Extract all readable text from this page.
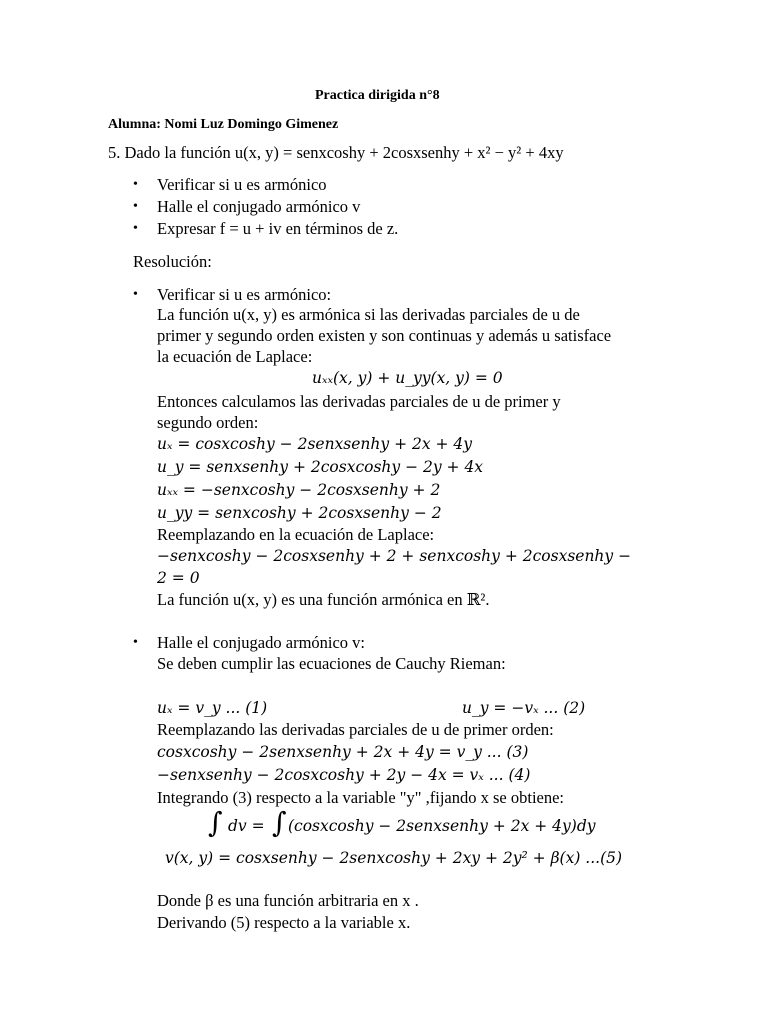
Practica dirigida n°8
Alumna: Nomi Luz Domingo Gimenez
5. Dado la función u(x, y) = senxcoshy + 2cosxsenhy + x² − y² + 4xy
• Verificar si u es armónico
• Halle el conjugado armónico v
• Expresar f = u + iv en términos de z.
Resolución:
• Verificar si u es armónico:
La función u(x, y) es armónica si las derivadas parciales de u de
primer y segundo orden existen y son continuas y además u satisface
la ecuación de Laplace:
uₓₓ(x, y) + u_yy(x, y) = 0
Entonces calculamos las derivadas parciales de u de primer y
segundo orden:
uₓ = cosxcoshy − 2senxsenhy + 2x + 4y
u_y = senxsenhy + 2cosxcoshy − 2y + 4x
uₓₓ = −senxcoshy − 2cosxsenhy + 2
u_yy = senxcoshy + 2cosxsenhy − 2
Reemplazando en la ecuación de Laplace:
−senxcoshy − 2cosxsenhy + 2 + senxcoshy + 2cosxsenhy −
2 = 0
La función u(x, y) es una función armónica en ℝ².
• Halle el conjugado armónico v:
Se deben cumplir las ecuaciones de Cauchy Rieman:
uₓ = v_y ... (1)	u_y = −vₓ ... (2)
Reemplazando las derivadas parciales de u de primer orden:
cosxcoshy − 2senxsenhy + 2x + 4y = v_y ... (3)
−senxsenhy − 2cosxcoshy + 2y − 4x = vₓ ... (4)
Integrando (3) respecto a la variable "y" ,fijando x se obtiene:
∫ dv = ∫ (cosxcoshy − 2senxsenhy + 2x + 4y)dy
v(x, y) = cosxsenhy − 2senxcoshy + 2xy + 2y² + β(x) ...(5)
Donde β es una función arbitraria en x .
Derivando (5) respecto a la variable x.
